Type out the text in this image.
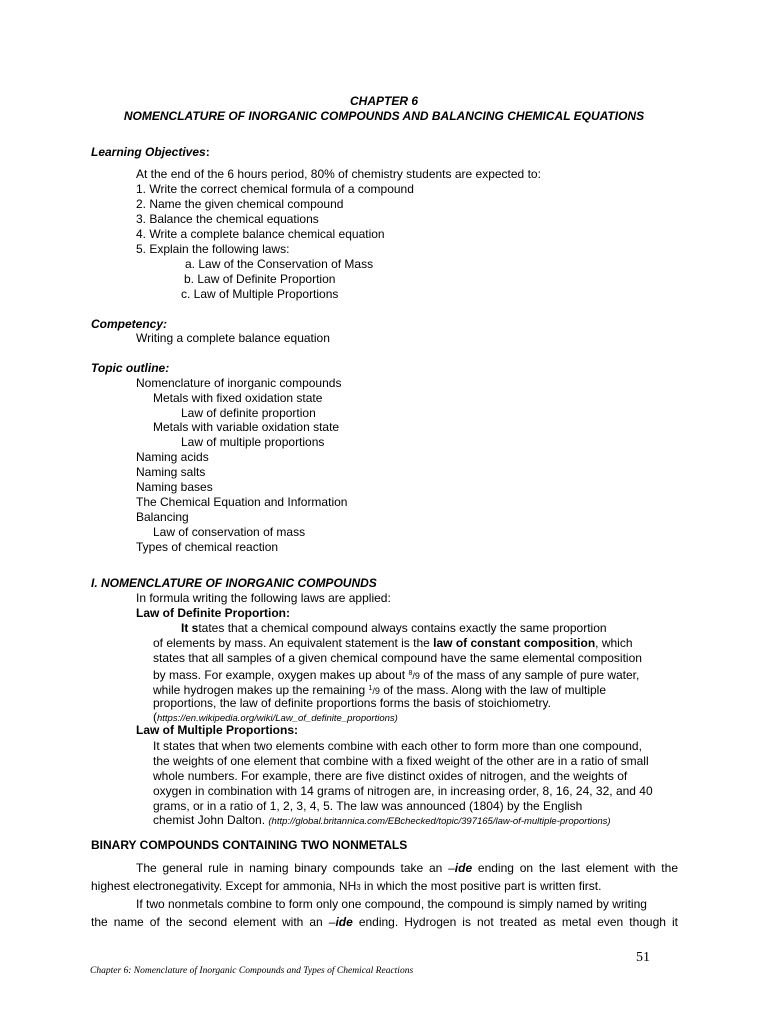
CHAPTER 6
NOMENCLATURE OF INORGANIC COMPOUNDS AND BALANCING CHEMICAL EQUATIONS
Learning Objectives:
At the end of the 6 hours period, 80% of chemistry students are expected to:
1. Write the correct chemical formula of a compound
2. Name the given chemical compound
3. Balance the chemical equations
4. Write a complete balance chemical equation
5. Explain the following laws:
a. Law of the Conservation of Mass
b. Law of Definite Proportion
c. Law of Multiple Proportions
Competency:
Writing a complete balance equation
Topic outline:
Nomenclature of inorganic compounds
Metals with fixed oxidation state
Law of definite proportion
Metals with variable oxidation state
Law of multiple proportions
Naming acids
Naming salts
Naming bases
The Chemical Equation and Information
Balancing
Law of conservation of mass
Types of chemical reaction
I. NOMENCLATURE OF INORGANIC COMPOUNDS
In formula writing the following laws are applied:
Law of Definite Proportion:
It states that a chemical compound always contains exactly the same proportion
of elements by mass. An equivalent statement is the law of constant composition, which
states that all samples of a given chemical compound have the same elemental composition
by mass. For example, oxygen makes up about $^8$/9 of the mass of any sample of pure water,
while hydrogen makes up the remaining $^1$/9 of the mass. Along with the law of multiple
proportions, the law of definite proportions forms the basis of stoichiometry.
(https://en.wikipedia.org/wiki/Law_of_definite_proportions)
Law of Multiple Proportions:
It states that when two elements combine with each other to form more than one compound,
the weights of one element that combine with a fixed weight of the other are in a ratio of small
whole numbers. For example, there are five distinct oxides of nitrogen, and the weights of
oxygen in combination with 14 grams of nitrogen are, in increasing order, 8, 16, 24, 32, and 40
grams, or in a ratio of 1, 2, 3, 4, 5. The law was announced (1804) by the English
chemist John Dalton. (http://global.britannica.com/EBchecked/topic/397165/law-of-multiple-proportions)
BINARY COMPOUNDS CONTAINING TWO NONMETALS
The general rule in naming binary compounds take an –ide ending on the last element with the
highest electronegativity. Except for ammonia, NH3 in which the most positive part is written first.
If two nonmetals combine to form only one compound, the compound is simply named by writing
the name of the second element with an –ide ending. Hydrogen is not treated as metal even though it
51
Chapter 6: Nomenclature of Inorganic Compounds and Types of Chemical Reactions
